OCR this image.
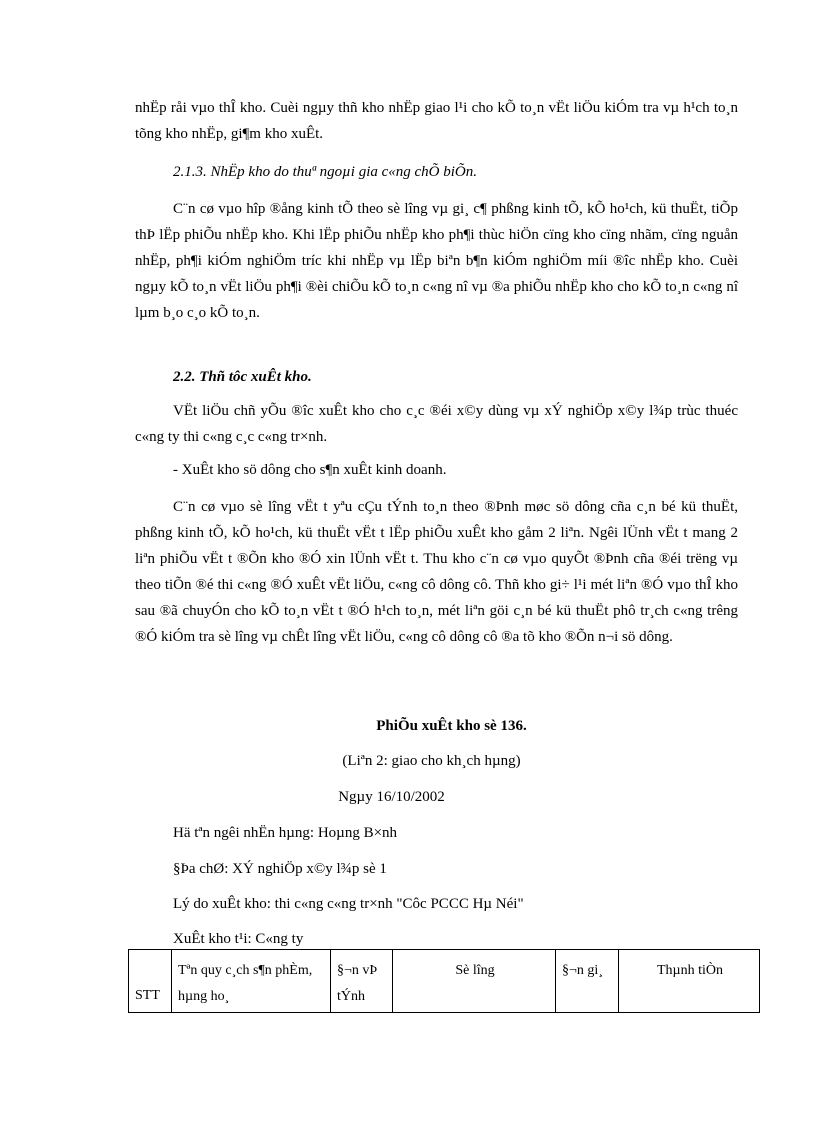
nhËp råi vµo thÎ kho. Cuèi ngµy thñ kho nhËp giao l¹i cho kÕ to¸n vËt liÖu kiÓm tra vµ h¹ch to¸n tõng kho nhËp, gi¶m kho xuÊt.

2.1.3. NhËp kho do thuª ngoµi gia c«ng chÕ biÕn.

C¨n cø vµo hîp ®ång kinh tÕ theo sè lîng vµ gi¸ c¶ phßng kinh tÕ, kÕ ho¹ch, kü thuËt, tiÕp thÞ lËp phiÕu nhËp kho. Khi lËp phiÕu nhËp kho ph¶i thùc hiÖn cïng kho cïng nhãm, cïng nguån nhËp, ph¶i kiÓm nghiÖm tríc khi nhËp vµ lËp biªn b¶n kiÓm nghiÖm míi ®îc nhËp kho. Cuèi ngµy kÕ to¸n vËt liÖu ph¶i ®èi chiÕu kÕ to¸n c«ng nî vµ ®a phiÕu nhËp kho cho kÕ to¸n c«ng nî lµm b¸o c¸o kÕ to¸n.

2.2. Thñ tôc xuÊt kho.

VËt liÖu chñ yÕu ®îc xuÊt kho cho c¸c ®éi x©y dùng vµ xÝ nghiÖp x©y l¾p trùc thuéc c«ng ty thi c«ng c¸c c«ng tr×nh.

- XuÊt kho sö dông cho s¶n xuÊt kinh doanh.

C¨n cø vµo sè lîng vËt t yªu cÇu tÝnh to¸n theo ®Þnh møc sö dông cña c¸n bé kü thuËt, phßng kinh tÕ, kÕ ho¹ch, kü thuËt vËt t lËp phiÕu xuÊt kho gåm 2 liªn. Ngêi lÜnh vËt t mang 2 liªn phiÕu vËt t ®Õn kho ®Ó xin lÜnh vËt t. Thu kho c¨n cø vµo quyÕt ®Þnh cña ®éi trëng vµ theo tiÕn ®é thi c«ng ®Ó xuÊt vËt liÖu, c«ng cô dông cô. Thñ kho gi÷ l¹i mét liªn ®Ó vµo thÎ kho sau ®ã chuyÓn cho kÕ to¸n vËt t ®Ó h¹ch to¸n, mét liªn göi c¸n bé kü thuËt phô tr¸ch c«ng trêng ®Ó kiÓm tra sè lîng vµ chÊt lîng vËt liÖu, c«ng cô dông cô ®a tõ kho ®Õn n¬i sö dông.

PhiÕu xuÊt kho sè 136.

(Liªn 2: giao cho kh¸ch hµng)

Ngµy 16/10/2002

Hä tªn ngêi nhËn hµng: Hoµng B×nh

§Þa chØ: XÝ nghiÖp x©y l¾p sè 1

Lý do xuÊt kho: thi c«ng c«ng tr×nh "Côc PCCC Hµ Néi"

XuÊt kho t¹i: C«ng ty

STT	Tªn quy c¸ch s¶n phÈm, hµng ho¸	§¬n vÞ tÝnh	Sè lîng	§¬n gi¸	Thµnh tiÒn
